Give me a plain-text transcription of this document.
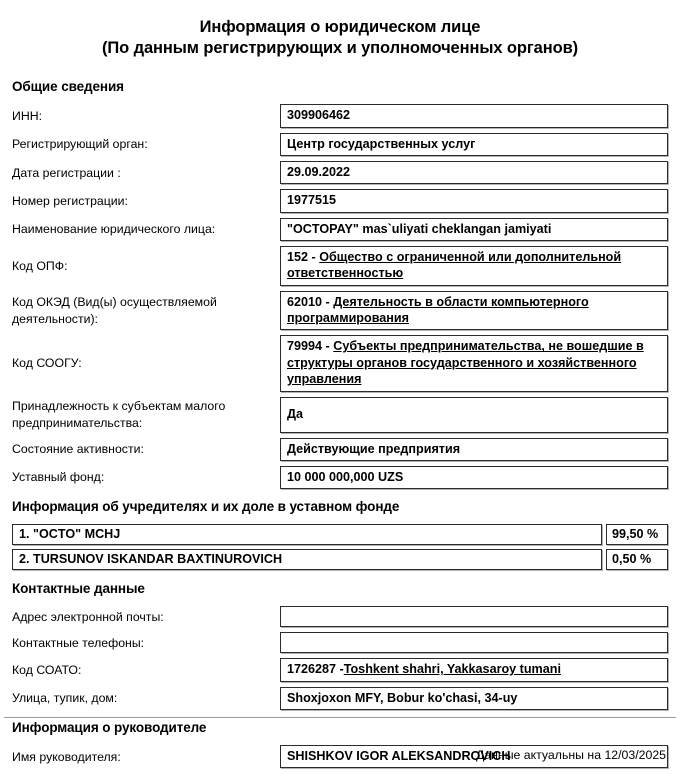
Информация о юридическом лице
(По данным регистрирующих и уполномоченных органов)
Общие сведения
ИНН:	309906462
Регистрирующий орган:	Центр государственных услуг
Дата регистрации :	29.09.2022
Номер регистрации:	1977515
Наименование юридического лица:	"OCTOPAY" mas`uliyati cheklangan jamiyati
Код ОПФ:
152 - Общество с ограниченной или дополнительной ответственностью
Код ОКЭД (Вид(ы) осуществляемой деятельности):
62010 - Деятельность в области компьютерного программирования
Код СООГУ:
79994 - Субъекты предпринимательства, не вошедшие в структуры органов государственного и хозяйственного управления
Принадлежность к субъектам малого предпринимательства:
Да
Состояние активности:	Действующие предприятия
Уставный фонд:	10 000 000,000 UZS
Информация об учредителях и их доле в уставном фонде
1. "OCTO" MCHJ	99,50 %
2. TURSUNOV ISKANDAR BAXTINUROVICH	0,50 %
Контактные данные
Адрес электронной почты:
Контактные телефоны:
Код СОАТО:	1726287 - Toshkent shahri, Yakkasaroy tumani
Улица, тупик, дом:	Shoxjoxon MFY, Bobur ko'chasi, 34-uy
Информация о руководителе
Имя руководителя:	SHISHKOV IGOR ALEKSANDROVICH
Данные актуальны на 12/03/2025
